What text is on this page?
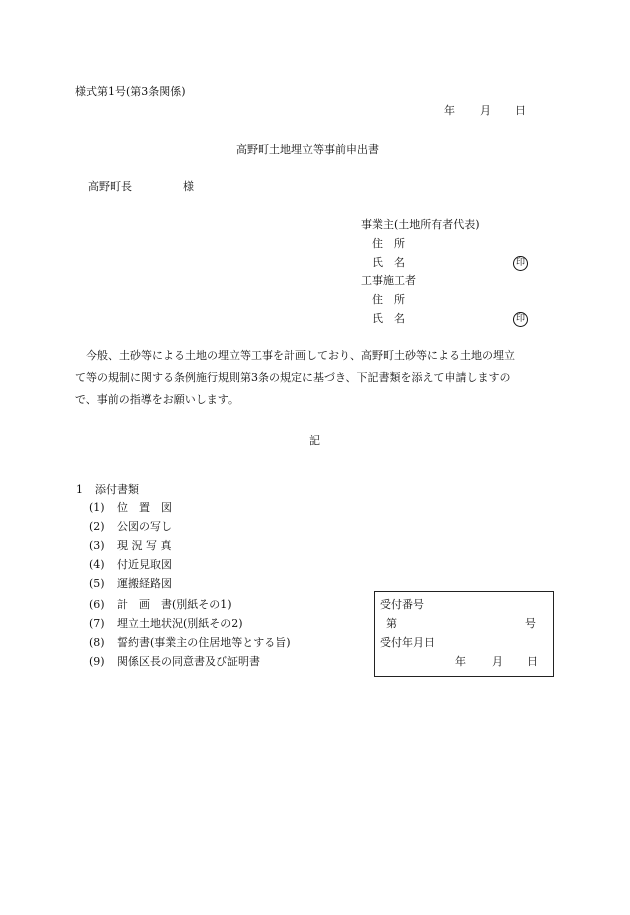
様式第1号(第3条関係)
年 月 日
高野町土地埋立等事前申出書
高野町長	様
事業主(土地所有者代表)
住　所
氏　名	印
工事施工者
住　所
氏　名	印

　今般、土砂等による土地の埋立等工事を計画しており、高野町土砂等による土地の埋立

て等の規制に関する条例施行規則第3条の規定に基づき、下記書類を添えて申請しますの

で、事前の指導をお願いします。

記
1 添付書類
(1) 位　置　図
(2) 公図の写し
(3) 現 況 写 真
(4) 付近見取図
(5) 運搬経路図
(6) 計　画　書(別紙その1)
(7) 埋立土地状況(別紙その2)
(8) 誓約書(事業主の住居地等とする旨)
(9) 関係区長の同意書及び証明書
受付番号
第	号
受付年月日
年 月 日
